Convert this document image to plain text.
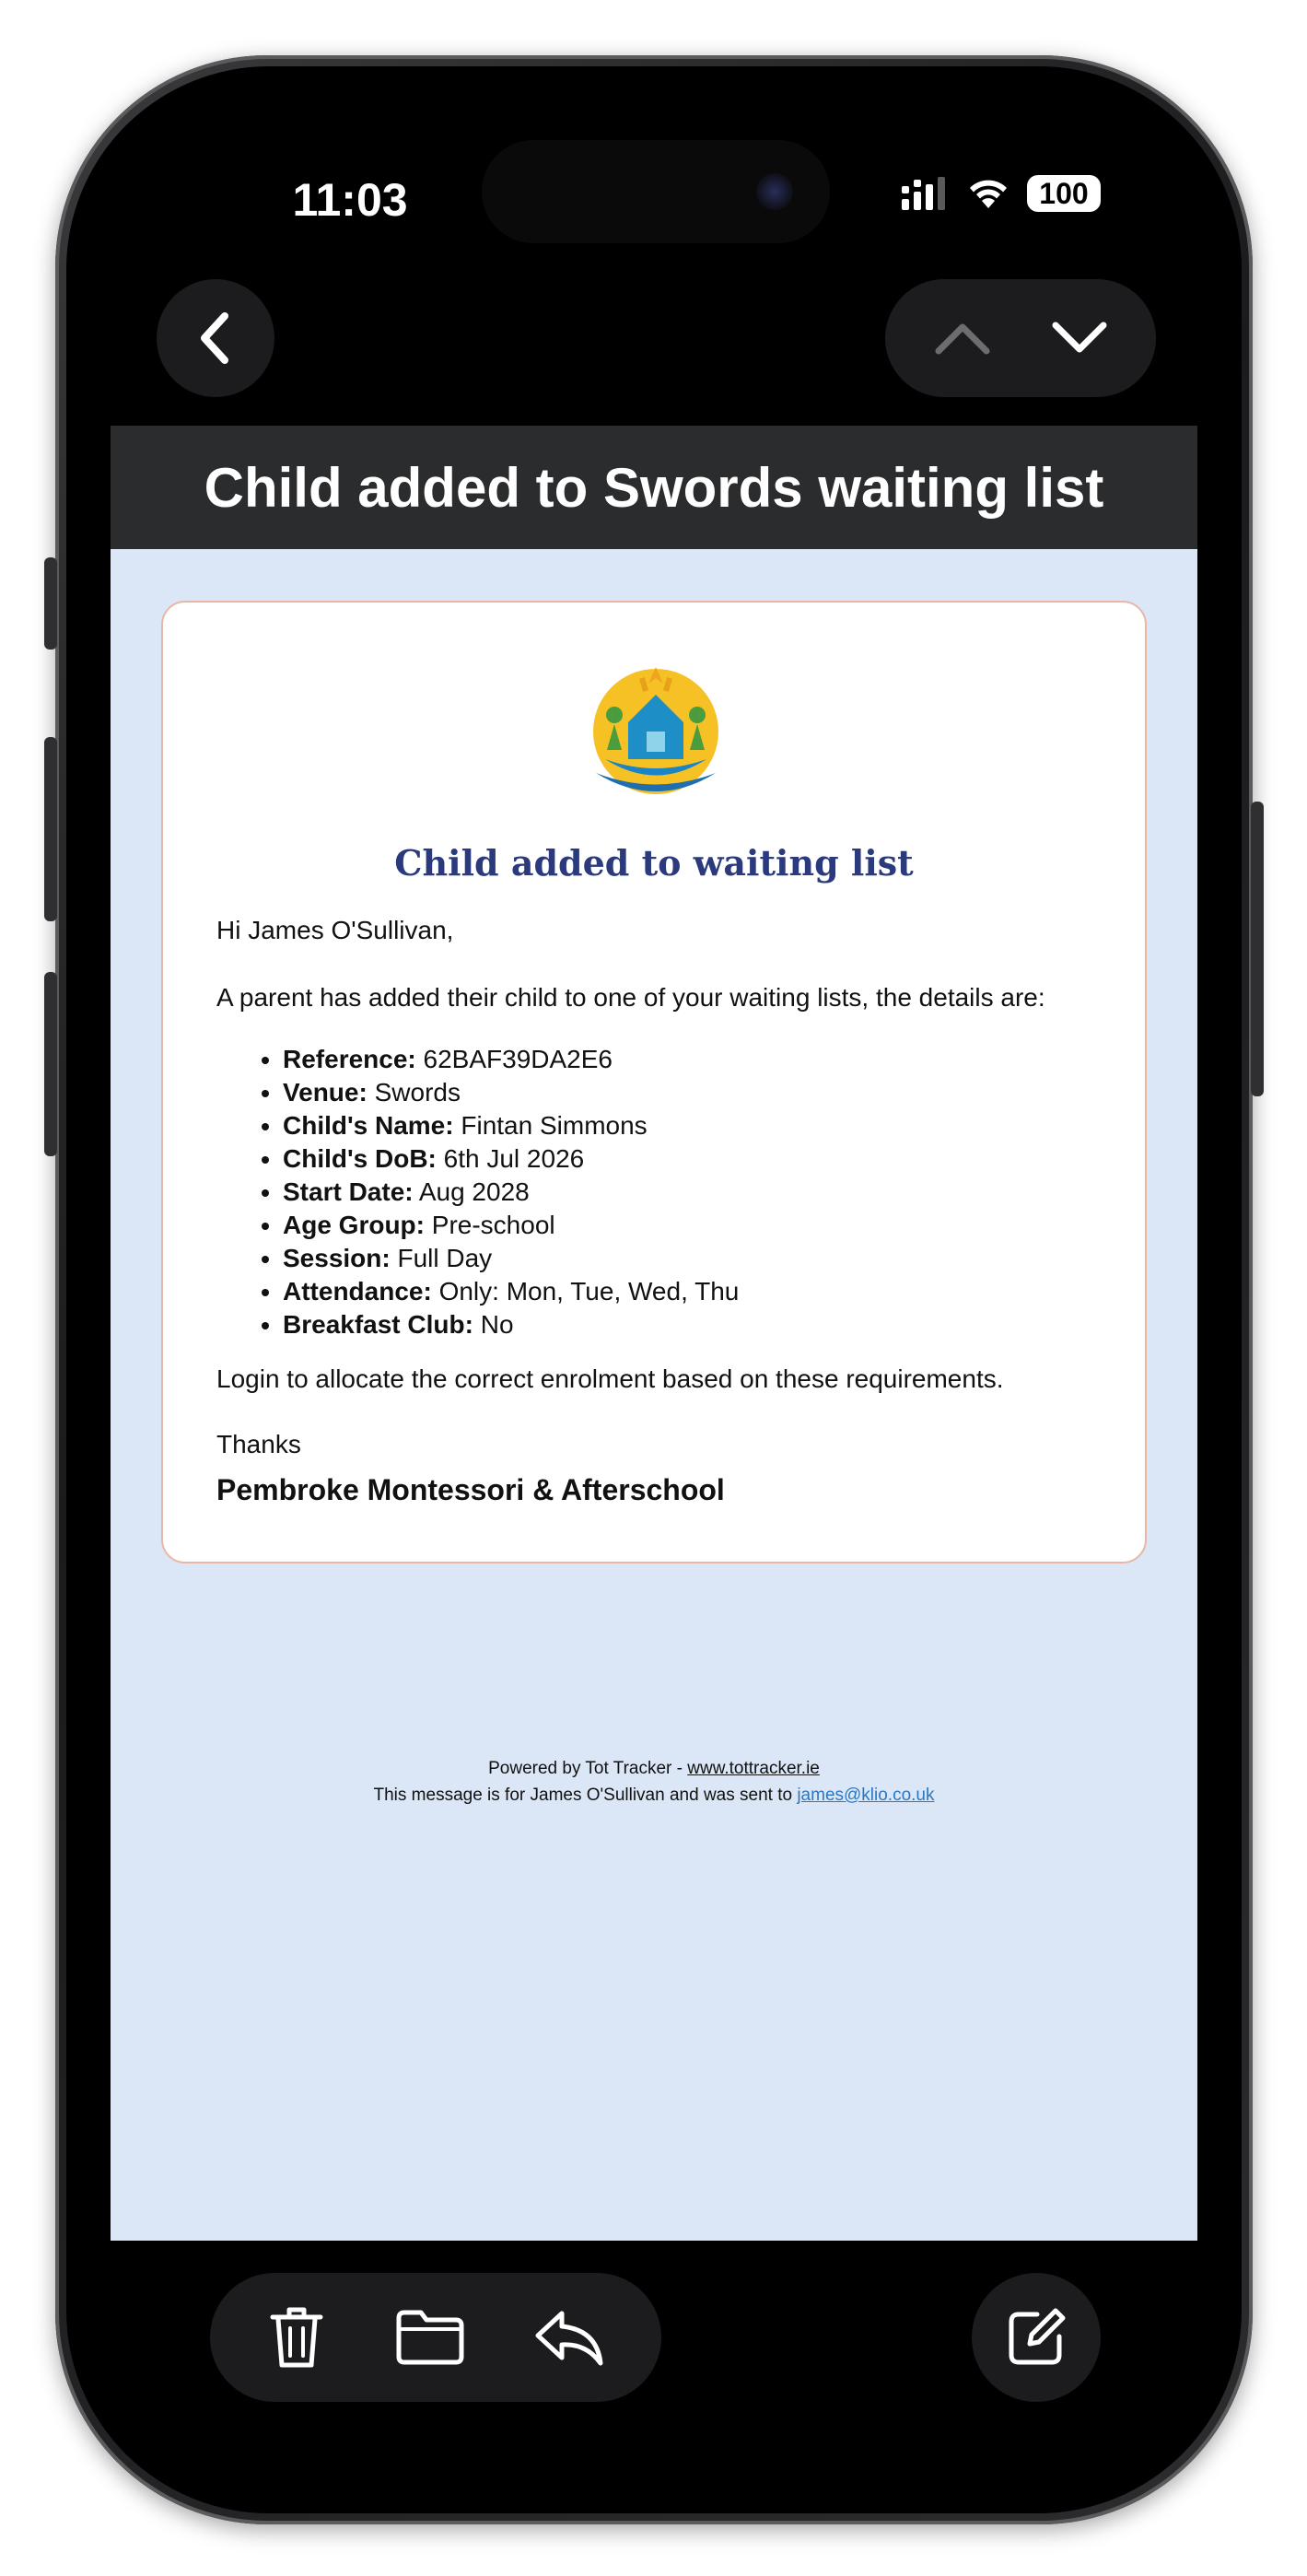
11:03	100
Child added to Swords waiting list
Child added to waiting list
Hi James O'Sullivan,
A parent has added their child to one of your waiting lists, the details are:
• Reference: 62BAF39DA2E6
• Venue: Swords
• Child's Name: Fintan Simmons
• Child's DoB: 6th Jul 2026
• Start Date: Aug 2028
• Age Group: Pre-school
• Session: Full Day
• Attendance: Only: Mon, Tue, Wed, Thu
• Breakfast Club: No
Login to allocate the correct enrolment based on these requirements.
Thanks
Pembroke Montessori & Afterschool
Powered by Tot Tracker - www.tottracker.ie
This message is for James O'Sullivan and was sent to james@klio.co.uk
